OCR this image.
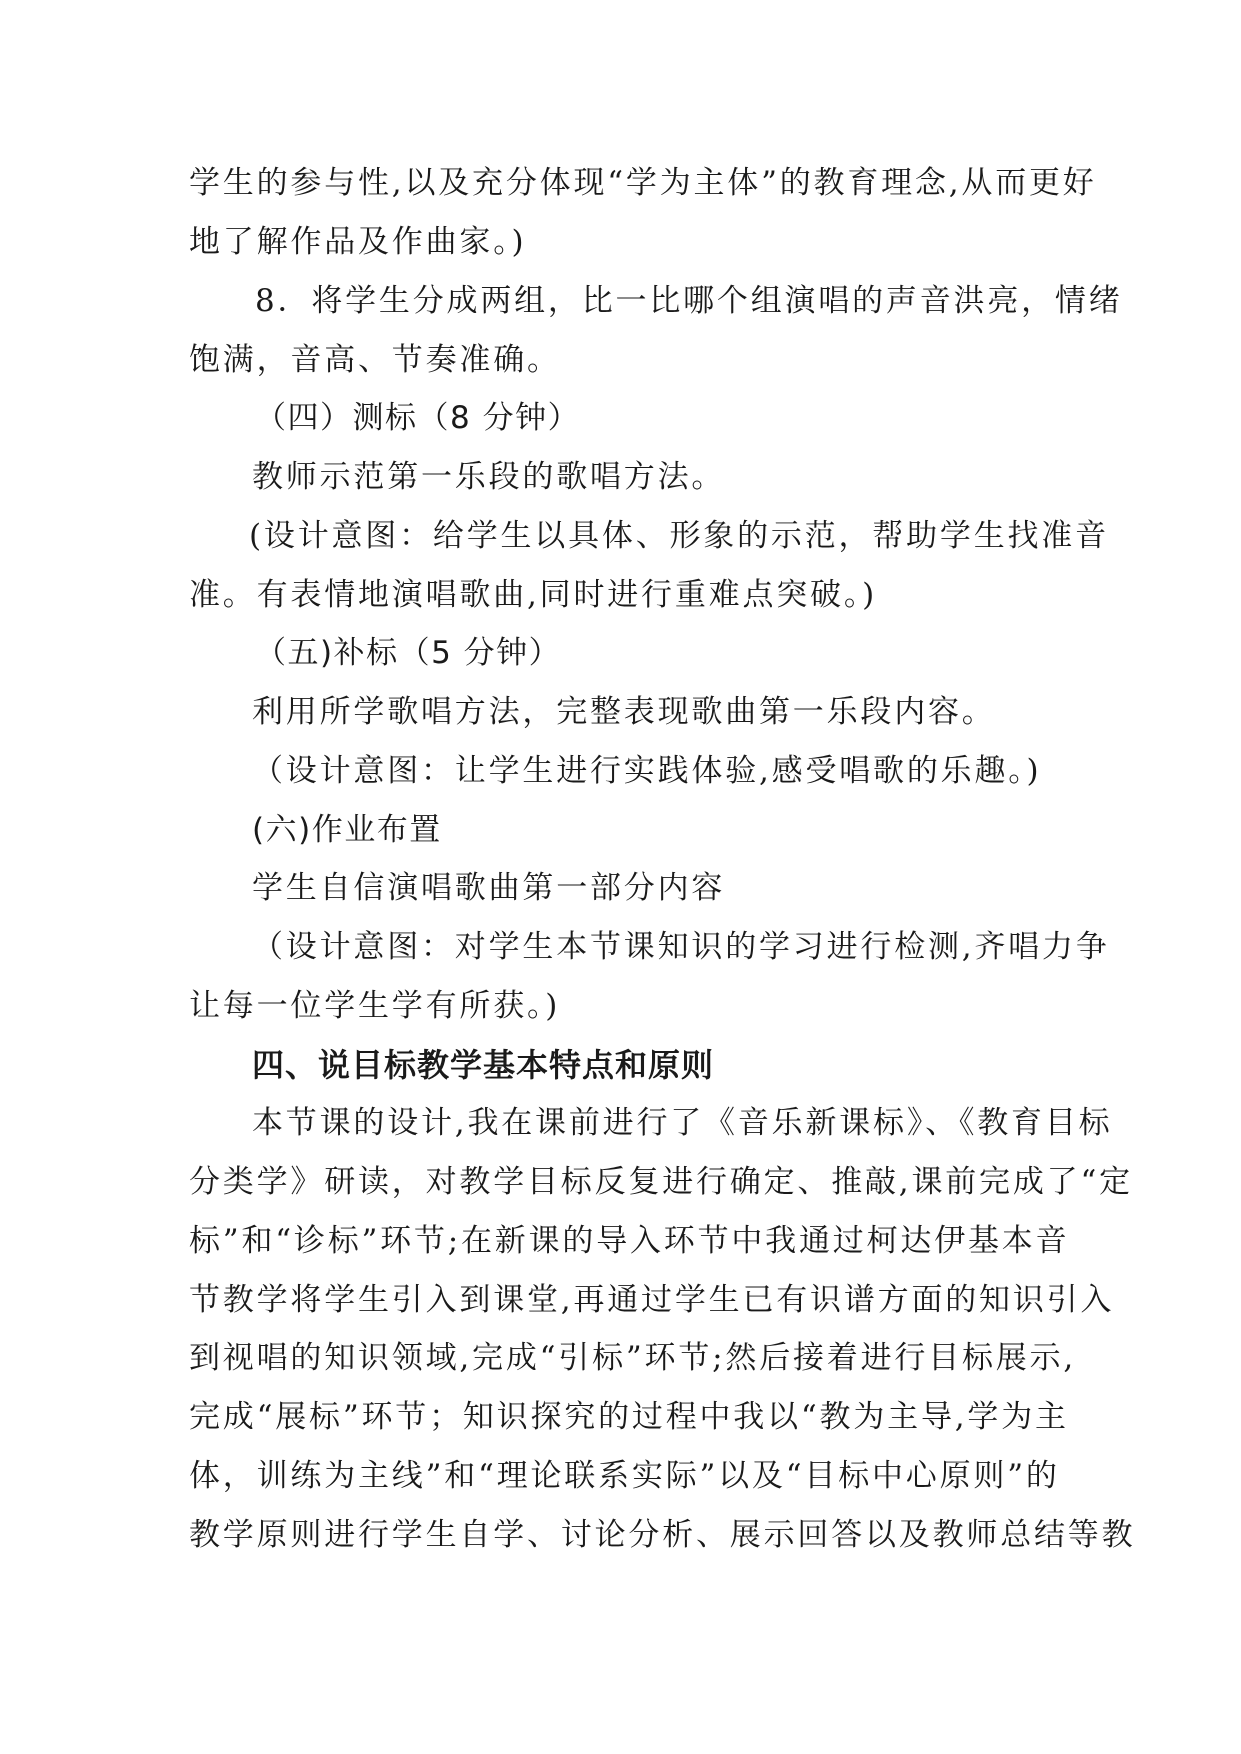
学生的参与性,以及充分体现“学为主体”的教育理念,从而更好
地了解作品及作曲家。)
8．将学生分成两组，比一比哪个组演唱的声音洪亮，情绪
饱满，音高、节奏准确。
（四）测标（8 分钟）
教师示范第一乐段的歌唱方法。
(设计意图：给学生以具体、形象的示范，帮助学生找准音
准。有表情地演唱歌曲,同时进行重难点突破。)
（五)补标（5 分钟）
利用所学歌唱方法，完整表现歌曲第一乐段内容。
（设计意图：让学生进行实践体验,感受唱歌的乐趣。)
(六)作业布置
学生自信演唱歌曲第一部分内容
（设计意图：对学生本节课知识的学习进行检测,齐唱力争
让每一位学生学有所获。)
四、说目标教学基本特点和原则
本节课的设计,我在课前进行了《音乐新课标》、《教育目标
分类学》研读，对教学目标反复进行确定、推敲,课前完成了“定
标”和“诊标”环节;在新课的导入环节中我通过柯达伊基本音
节教学将学生引入到课堂,再通过学生已有识谱方面的知识引入
到视唱的知识领域,完成“引标”环节;然后接着进行目标展示,
完成“展标”环节；知识探究的过程中我以“教为主导,学为主
体，训练为主线”和“理论联系实际”以及“目标中心原则”的
教学原则进行学生自学、讨论分析、展示回答以及教师总结等教
